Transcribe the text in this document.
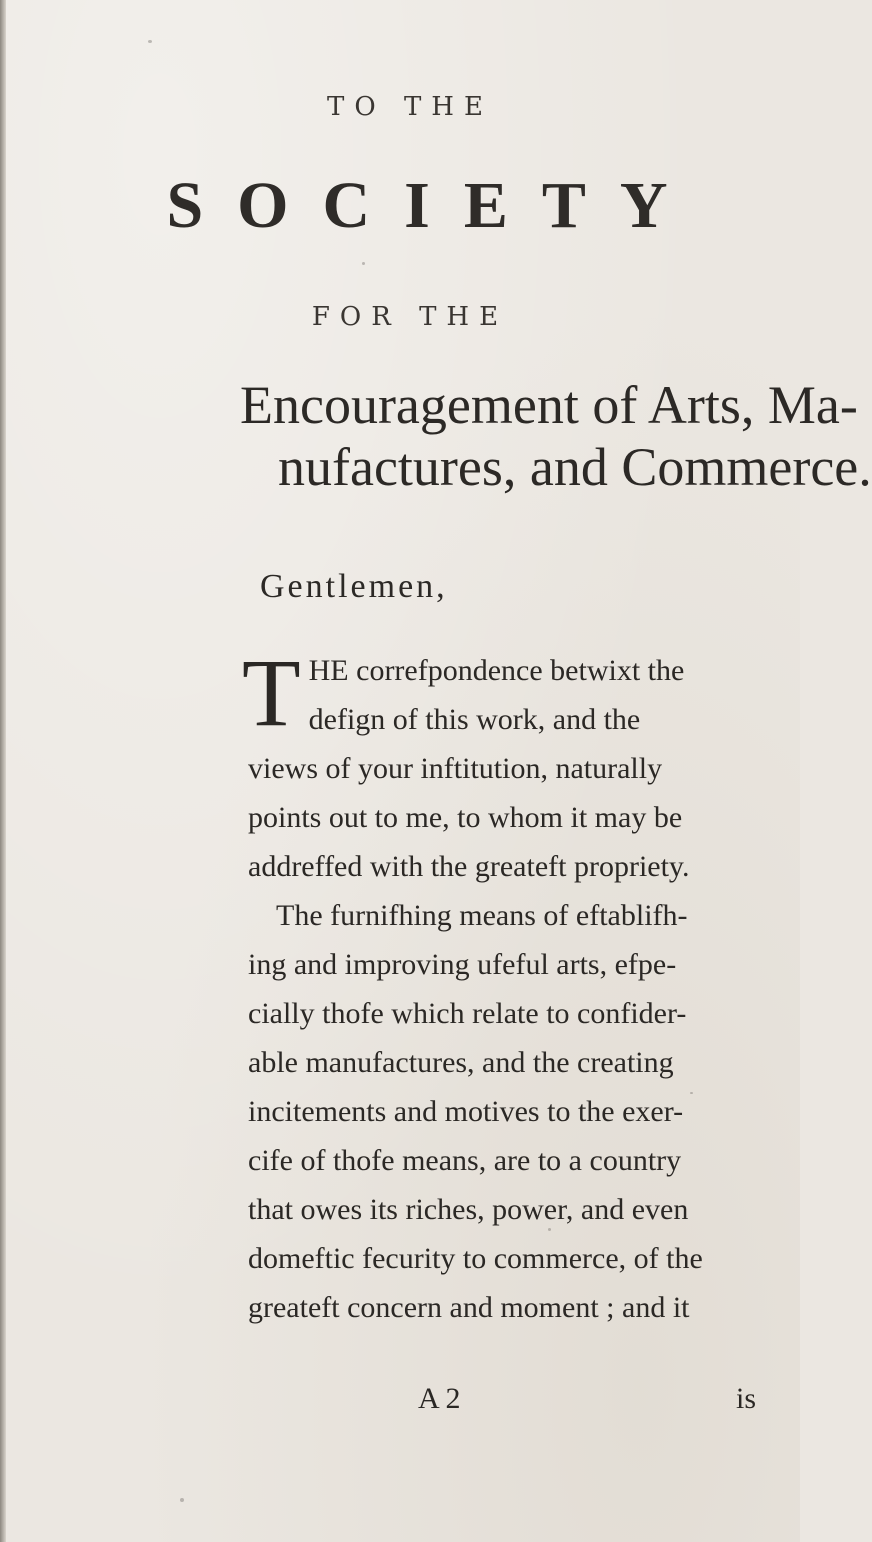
TO THE
SOCIETY
FOR THE
Encouragement of Arts, Ma-
nufactures, and Commerce.
Gentlemen,
T HE correfpondence betwixt the
defign of this work, and the
views of your inftitution, naturally
points out to me, to whom it may be
addreffed with the greateft propriety.
The furnifhing means of eftablifh-
ing and improving ufeful arts, efpe-
cially thofe which relate to confider-
able manufactures, and the creating
incitements and motives to the exer-
cife of thofe means, are to a country
that owes its riches, power, and even
domeftic fecurity to commerce, of the
greateft concern and moment ; and it
A 2	is
